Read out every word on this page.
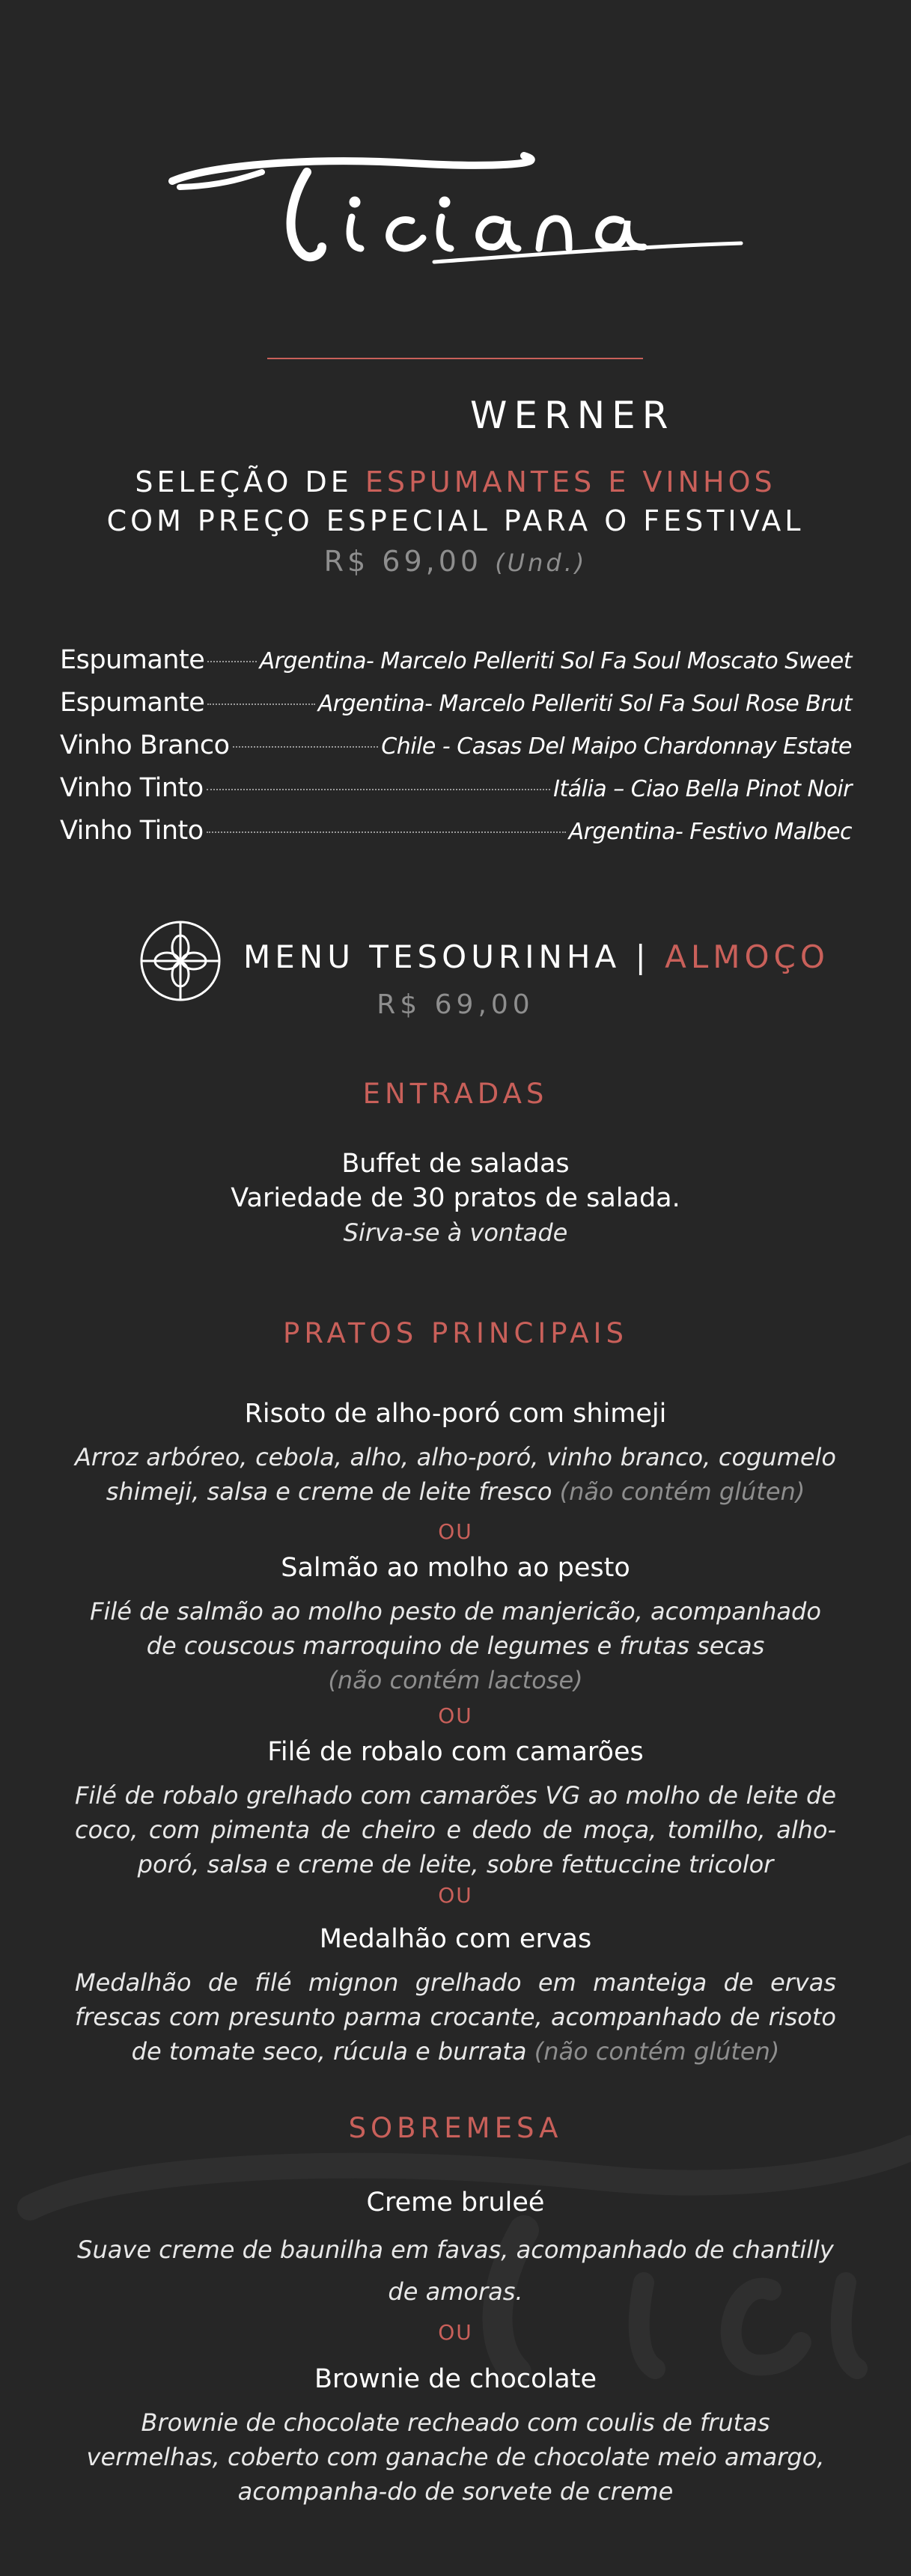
WERNER
SELEÇÃO DE ESPUMANTES E VINHOS
COM PREÇO ESPECIAL PARA O FESTIVAL
R$ 69,00 (Und.)
Espumante Argentina- Marcelo Pelleriti Sol Fa Soul Moscato Sweet
Espumante	Argentina- Marcelo Pelleriti Sol Fa Soul Rose Brut
Vinho Branco	Chile - Casas Del Maipo Chardonnay Estate
Vinho Tinto	Itália – Ciao Bella Pinot Noir
Vinho Tinto	Argentina- Festivo Malbec
MENU TESOURINHA | ALMOÇO
R$ 69,00
ENTRADAS
Buffet de saladas
Variedade de 30 pratos de salada.
Sirva-se à vontade
PRATOS PRINCIPAIS
Risoto de alho-poró com shimeji
Arroz arbóreo, cebola, alho, alho-poró, vinho branco, cogumelo shimeji, salsa e creme de leite fresco (não contém glúten)
OU
Salmão ao molho ao pesto
Filé de salmão ao molho pesto de manjericão, acompanhado de couscous marroquino de legumes e frutas secas
(não contém lactose)
OU
Filé de robalo com camarões
Filé de robalo grelhado com camarões VG ao molho de leite de coco, com pimenta de cheiro e dedo de moça, tomilho, alho-poró, salsa e creme de leite, sobre fettuccine tricolor
OU
Medalhão com ervas
Medalhão de filé mignon grelhado em manteiga de ervas frescas com presunto parma crocante, acompanhado de risoto de tomate seco, rúcula e burrata (não contém glúten)
SOBREMESA
Creme bruleé
Suave creme de baunilha em favas, acompanhado de chantilly de amoras.
OU
Brownie de chocolate
Brownie de chocolate recheado com coulis de frutas vermelhas, coberto com ganache de chocolate meio amargo, acompanha-do de sorvete de creme
